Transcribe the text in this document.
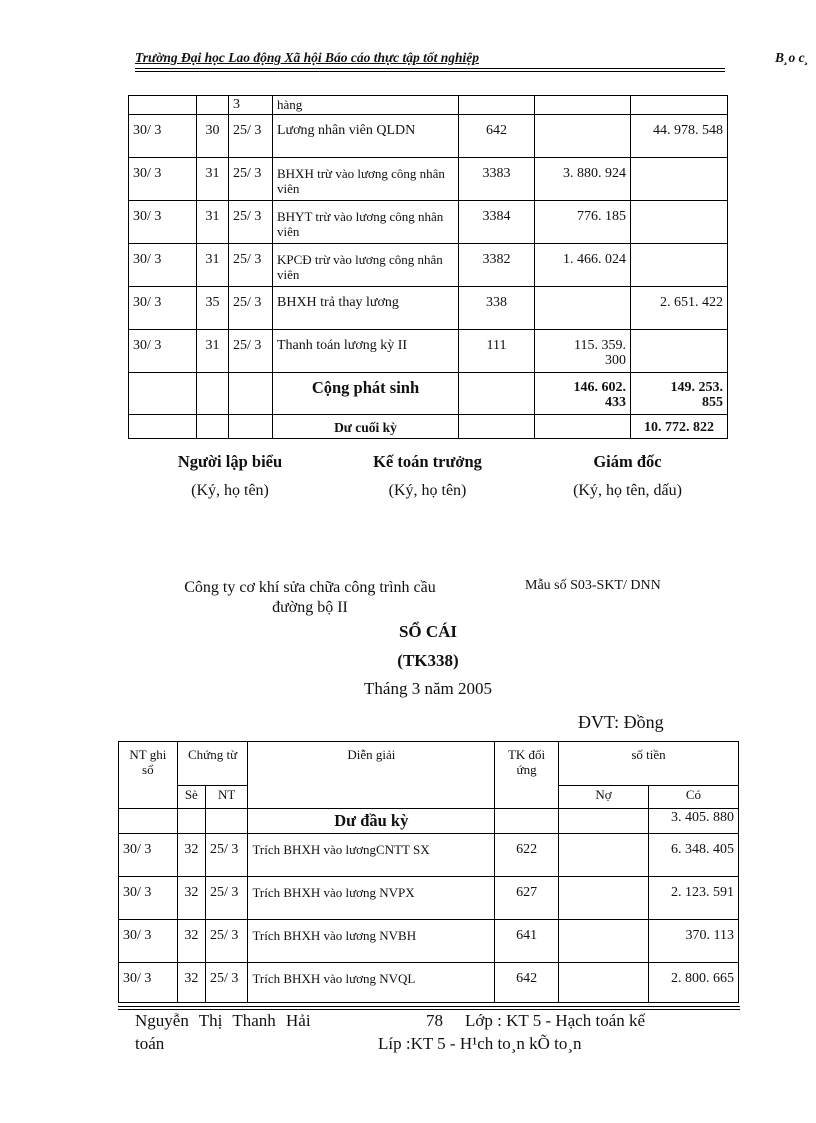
Trường Đại học Lao động Xã hội Báo cáo thực tập tốt nghiệp	B¸o c¸
		3	hàng			
30/ 3	30	25/ 3	Lương nhân viên QLDN	642		44. 978. 548
30/ 3	31	25/ 3	BHXH trừ vào lương công nhân viên	3383	3. 880. 924	
30/ 3	31	25/ 3	BHYT trừ vào lương công nhân viên	3384	776. 185	
30/ 3	31	25/ 3	KPCĐ trừ vào lương công nhân viên	3382	1. 466. 024	
30/ 3	35	25/ 3	BHXH trả thay lương	338		2. 651. 422
30/ 3	31	25/ 3	Thanh toán lương kỳ II	111	115. 359. 300	
			Cộng phát sinh		146. 602. 433	149. 253. 855
			Dư cuối kỳ			10. 772. 822
Người lập biểu
(Ký, họ tên)
Kế toán trưởng
(Ký, họ tên)
Giám đốc
(Ký, họ tên, dấu)
Công ty cơ khí sửa chữa công trình cầu
đường bộ II
Mẫu số S03-SKT/ DNN
SỔ CÁI
(TK338)
Tháng 3 năm 2005
ĐVT: Đồng
NT ghi sổ	Chứng từ		Diễn giải	TK đối ứng	số tiền	
	Sè	NT			Nợ	Có
			Dư đầu kỳ			3. 405. 880
30/ 3	32	25/ 3	Trích BHXH vào lươngCNTT SX	622		6. 348. 405
30/ 3	32	25/ 3	Trích BHXH vào lương NVPX	627		2. 123. 591
30/ 3	32	25/ 3	Trích BHXH vào lương NVBH	641		370. 113
30/ 3	32	25/ 3	Trích BHXH vào lương NVQL	642		2. 800. 665
Nguyễn Thị Thanh Hải	78 Lớp : KT 5 - Hạch toán kế
toán	Líp :KT 5 - H¹ch to¸n kÕ to¸n
